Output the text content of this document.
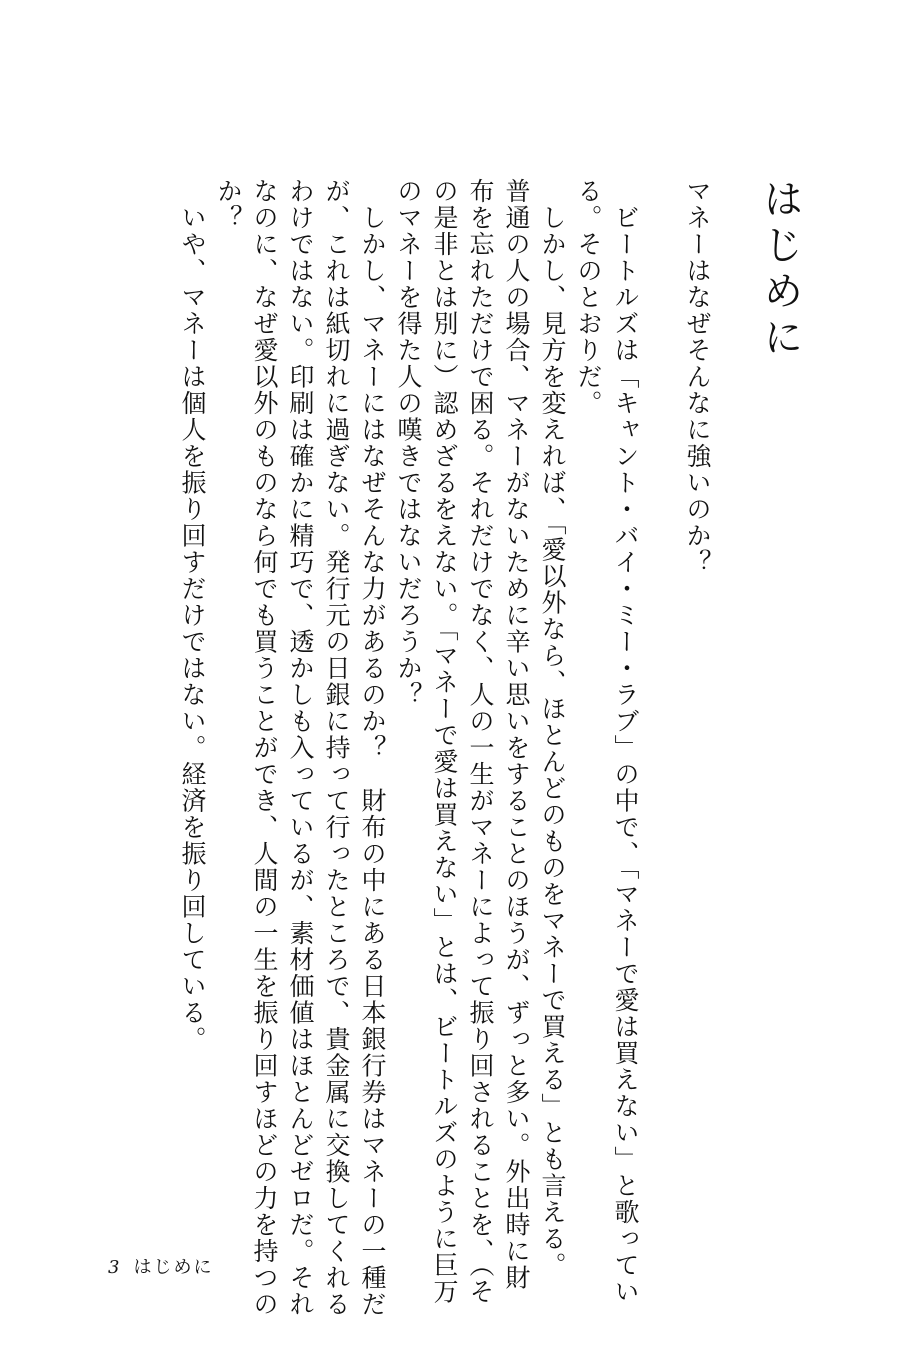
はじめに
マネーはなぜそんなに強いのか？
　ビートルズは「キャント・バイ・ミー・ラブ」の中で、「マネーで愛は買えない」と歌ってい
る。そのとおりだ。
　しかし、見方を変えれば、「愛以外なら、ほとんどのものをマネーで買える」とも言える。
普通の人の場合、マネーがないために辛い思いをすることのほうが、ずっと多い。外出時に財
布を忘れただけで困る。それだけでなく、人の一生がマネーによって振り回されることを、（そ
の是非とは別に）認めざるをえない。「マネーで愛は買えない」とは、ビートルズのように巨万
のマネーを得た人の嘆きではないだろうか？
　しかし、マネーにはなぜそんな力があるのか？　財布の中にある日本銀行券はマネーの一種だ
が、これは紙切れに過ぎない。発行元の日銀に持って行ったところで、貴金属に交換してくれる
わけではない。印刷は確かに精巧で、透かしも入っているが、素材価値はほとんどゼロだ。それ
なのに、なぜ愛以外のものなら何でも買うことができ、人間の一生を振り回すほどの力を持つの
か？
　いや、マネーは個人を振り回すだけではない。経済を振り回している。
3 はじめに
